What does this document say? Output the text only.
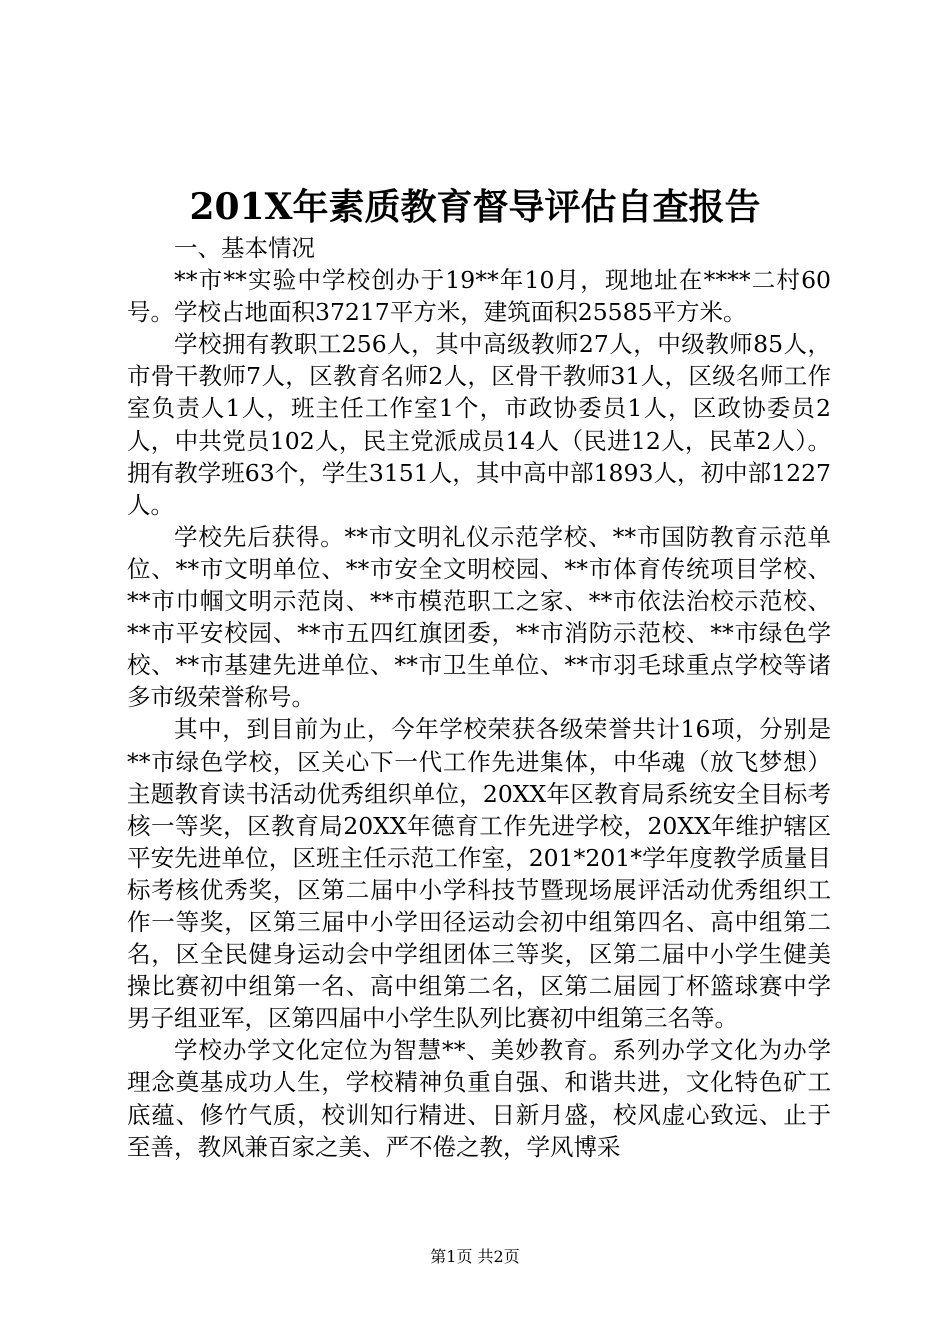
201X年素质教育督导评估自查报告

一、基本情况

**市**实验中学校创办于19**年10月，现地址在****二村60号。学校占地面积37217平方米，建筑面积25585平方米。

学校拥有教职工256人，其中高级教师27人，中级教师85人，市骨干教师7人，区教育名师2人，区骨干教师31人，区级名师工作室负责人1人，班主任工作室1个，市政协委员1人，区政协委员2人，中共党员102人，民主党派成员14人（民进12人，民革2人）。拥有教学班63个，学生3151人，其中高中部1893人，初中部1227人。

学校先后获得。**市文明礼仪示范学校、**市国防教育示范单位、**市文明单位、**市安全文明校园、**市体育传统项目学校、**市巾帼文明示范岗、**市模范职工之家、**市依法治校示范校、**市平安校园、**市五四红旗团委，**市消防示范校、**市绿色学校、**市基建先进单位、**市卫生单位、**市羽毛球重点学校等诸多市级荣誉称号。

其中，到目前为止，今年学校荣获各级荣誉共计16项，分别是**市绿色学校，区关心下一代工作先进集体，中华魂（放飞梦想）主题教育读书活动优秀组织单位，20XX年区教育局系统安全目标考核一等奖，区教育局20XX年德育工作先进学校，20XX年维护辖区平安先进单位，区班主任示范工作室，201*201*学年度教学质量目标考核优秀奖，区第二届中小学科技节暨现场展评活动优秀组织工作一等奖，区第三届中小学田径运动会初中组第四名、高中组第二名，区全民健身运动会中学组团体三等奖，区第二届中小学生健美操比赛初中组第一名、高中组第二名，区第二届园丁杯篮球赛中学男子组亚军，区第四届中小学生队列比赛初中组第三名等。

学校办学文化定位为智慧**、美妙教育。系列办学文化为办学理念奠基成功人生，学校精神负重自强、和谐共进，文化特色矿工底蕴、修竹气质，校训知行精进、日新月盛，校风虚心致远、止于至善，教风兼百家之美、严不倦之教，学风博采

第1页 共2页
